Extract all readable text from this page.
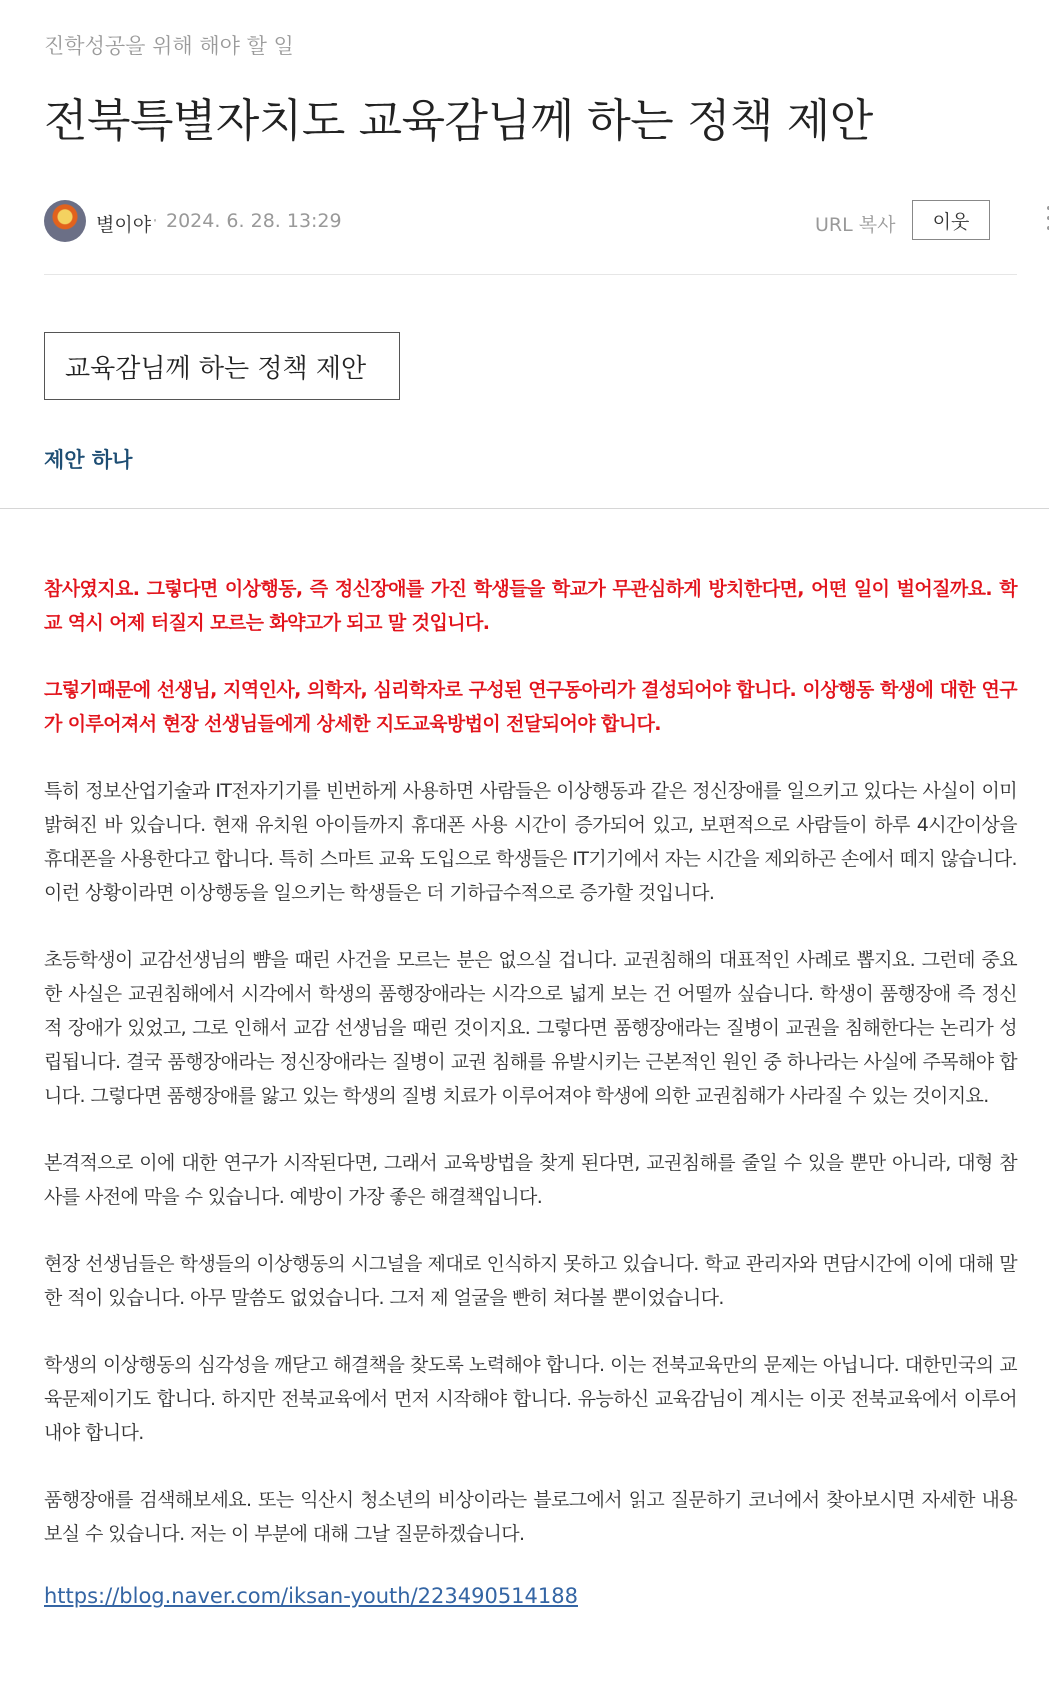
진학성공을 위해 해야 할 일
전북특별자치도 교육감님께 하는 정책 제안
별이야 · 2024. 6. 28. 13:29	URL 복사	이웃
교육감님께 하는 정책 제안
제안 하나

참사였지요. 그렇다면 이상행동, 즉 정신장애를 가진 학생들을 학교가 무관심하게 방치한다면, 어떤 일이 벌어질까요. 학교 역시 어제 터질지 모르는 화약고가 되고 말 것입니다.

그렇기때문에 선생님, 지역인사, 의학자, 심리학자로 구성된 연구동아리가 결성되어야 합니다. 이상행동 학생에 대한 연구가 이루어져서 현장 선생님들에게 상세한 지도교육방법이 전달되어야 합니다.

특히 정보산업기술과 IT전자기기를 빈번하게 사용하면 사람들은 이상행동과 같은 정신장애를 일으키고 있다는 사실이 이미 밝혀진 바 있습니다. 현재 유치원 아이들까지 휴대폰 사용 시간이 증가되어 있고, 보편적으로 사람들이 하루 4시간이상을 휴대폰을 사용한다고 합니다. 특히 스마트 교육 도입으로 학생들은 IT기기에서 자는 시간을 제외하곤 손에서 떼지 않습니다. 이런 상황이라면 이상행동을 일으키는 학생들은 더 기하급수적으로 증가할 것입니다.

초등학생이 교감선생님의 뺨을 때린 사건을 모르는 분은 없으실 겁니다. 교권침해의 대표적인 사례로 뽑지요. 그런데 중요한 사실은 교권침해에서 시각에서 학생의 품행장애라는 시각으로 넓게 보는 건 어떨까 싶습니다. 학생이 품행장애 즉 정신적 장애가 있었고, 그로 인해서 교감 선생님을 때린 것이지요. 그렇다면 품행장애라는 질병이 교권을 침해한다는 논리가 성립됩니다. 결국 품행장애라는 정신장애라는 질병이 교권 침해를 유발시키는 근본적인 원인 중 하나라는 사실에 주목해야 합니다. 그렇다면 품행장애를 앓고 있는 학생의 질병 치료가 이루어져야 학생에 의한 교권침해가 사라질 수 있는 것이지요.

본격적으로 이에 대한 연구가 시작된다면, 그래서 교육방법을 찾게 된다면, 교권침해를 줄일 수 있을 뿐만 아니라, 대형 참사를 사전에 막을 수 있습니다. 예방이 가장 좋은 해결책입니다.

현장 선생님들은 학생들의 이상행동의 시그널을 제대로 인식하지 못하고 있습니다. 학교 관리자와 면담시간에 이에 대해 말한 적이 있습니다. 아무 말씀도 없었습니다. 그저 제 얼굴을 빤히 쳐다볼 뿐이었습니다.

학생의 이상행동의 심각성을 깨닫고 해결책을 찾도록 노력해야 합니다. 이는 전북교육만의 문제는 아닙니다. 대한민국의 교육문제이기도 합니다. 하지만 전북교육에서 먼저 시작해야 합니다. 유능하신 교육감님이 계시는 이곳 전북교육에서 이루어내야 합니다.

품행장애를 검색해보세요. 또는 익산시 청소년의 비상이라는 블로그에서 읽고 질문하기 코너에서 찾아보시면 자세한 내용 보실 수 있습니다. 저는 이 부분에 대해 그날 질문하겠습니다.

https://blog.naver.com/iksan-youth/223490514188
